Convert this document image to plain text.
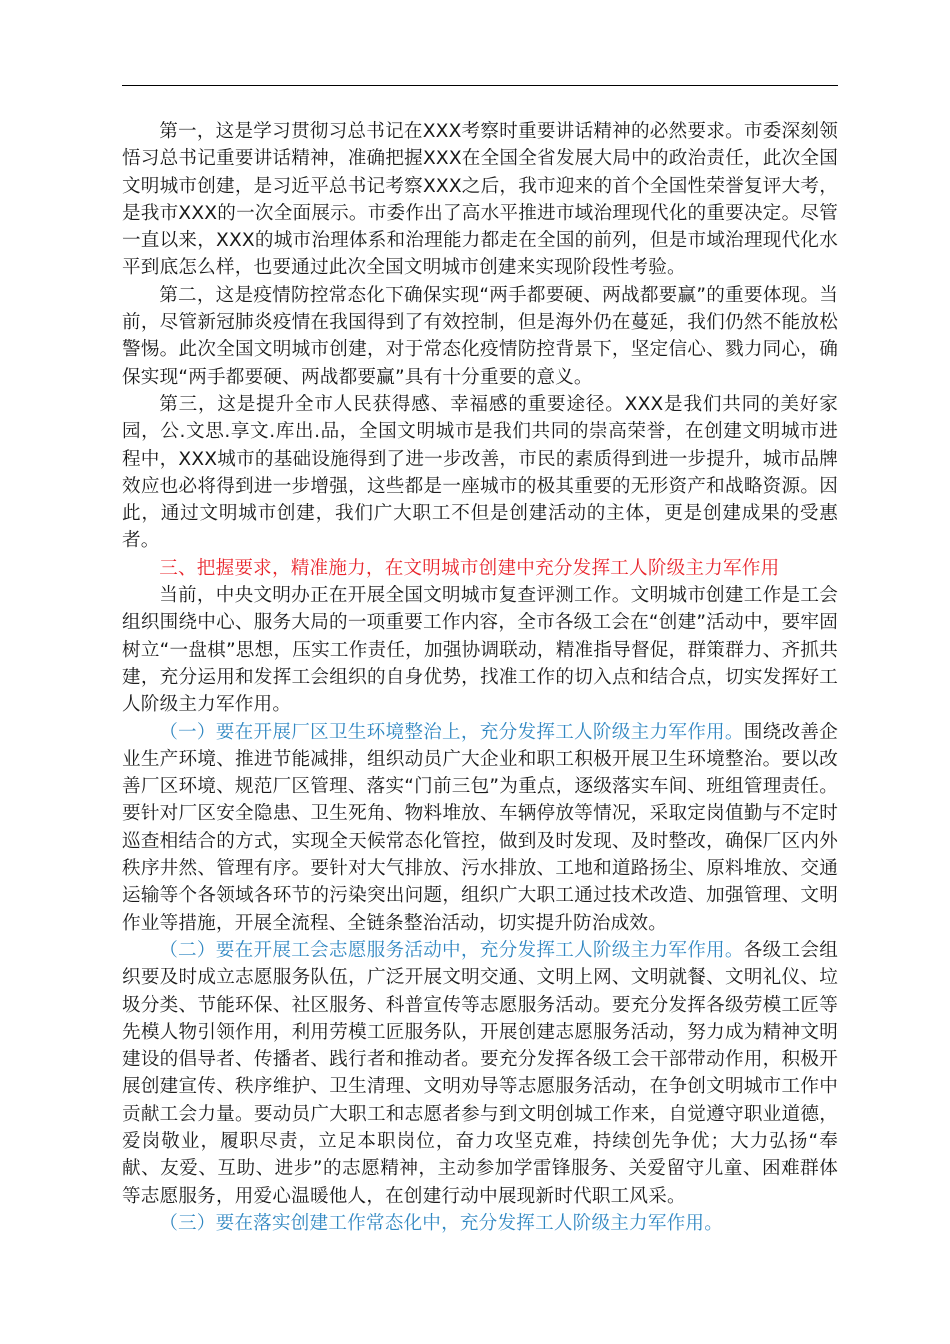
第一，这是学习贯彻习总书记在XXX考察时重要讲话精神的必然要求。市委深刻领悟习总书记重要讲话精神，准确把握XXX在全国全省发展大局中的政治责任，此次全国文明城市创建，是习近平总书记考察XXX之后，我市迎来的首个全国性荣誉复评大考，是我市XXX的一次全面展示。市委作出了高水平推进市域治理现代化的重要决定。尽管一直以来，XXX的城市治理体系和治理能力都走在全国的前列，但是市域治理现代化水平到底怎么样，也要通过此次全国文明城市创建来实现阶段性考验。

第二，这是疫情防控常态化下确保实现“两手都要硬、两战都要赢”的重要体现。当前，尽管新冠肺炎疫情在我国得到了有效控制，但是海外仍在蔓延，我们仍然不能放松警惕。此次全国文明城市创建，对于常态化疫情防控背景下，坚定信心、戮力同心，确保实现“两手都要硬、两战都要赢”具有十分重要的意义。

第三，这是提升全市人民获得感、幸福感的重要途径。XXX是我们共同的美好家园，公.文思.享文.库出.品，全国文明城市是我们共同的崇高荣誉，在创建文明城市进程中，XXX城市的基础设施得到了进一步改善，市民的素质得到进一步提升，城市品牌效应也必将得到进一步增强，这些都是一座城市的极其重要的无形资产和战略资源。因此，通过文明城市创建，我们广大职工不但是创建活动的主体，更是创建成果的受惠者。

三、把握要求，精准施力，在文明城市创建中充分发挥工人阶级主力军作用

当前，中央文明办正在开展全国文明城市复查评测工作。文明城市创建工作是工会组织围绕中心、服务大局的一项重要工作内容，全市各级工会在“创建”活动中，要牢固树立“一盘棋”思想，压实工作责任，加强协调联动，精准指导督促，群策群力、齐抓共建，充分运用和发挥工会组织的自身优势，找准工作的切入点和结合点，切实发挥好工人阶级主力军作用。

（一）要在开展厂区卫生环境整治上，充分发挥工人阶级主力军作用。围绕改善企业生产环境、推进节能减排，组织动员广大企业和职工积极开展卫生环境整治。要以改善厂区环境、规范厂区管理、落实“门前三包”为重点，逐级落实车间、班组管理责任。要针对厂区安全隐患、卫生死角、物料堆放、车辆停放等情况，采取定岗值勤与不定时巡查相结合的方式，实现全天候常态化管控，做到及时发现、及时整改，确保厂区内外秩序井然、管理有序。要针对大气排放、污水排放、工地和道路扬尘、原料堆放、交通运输等个各领域各环节的污染突出问题，组织广大职工通过技术改造、加强管理、文明作业等措施，开展全流程、全链条整治活动，切实提升防治成效。

（二）要在开展工会志愿服务活动中，充分发挥工人阶级主力军作用。各级工会组织要及时成立志愿服务队伍，广泛开展文明交通、文明上网、文明就餐、文明礼仪、垃圾分类、节能环保、社区服务、科普宣传等志愿服务活动。要充分发挥各级劳模工匠等先模人物引领作用，利用劳模工匠服务队，开展创建志愿服务活动，努力成为精神文明建设的倡导者、传播者、践行者和推动者。要充分发挥各级工会干部带动作用，积极开展创建宣传、秩序维护、卫生清理、文明劝导等志愿服务活动，在争创文明城市工作中贡献工会力量。要动员广大职工和志愿者参与到文明创城工作来，自觉遵守职业道德，爱岗敬业，履职尽责，立足本职岗位，奋力攻坚克难，持续创先争优；大力弘扬“奉献、友爱、互助、进步”的志愿精神，主动参加学雷锋服务、关爱留守儿童、困难群体等志愿服务，用爱心温暖他人，在创建行动中展现新时代职工风采。

（三）要在落实创建工作常态化中，充分发挥工人阶级主力军作用。
